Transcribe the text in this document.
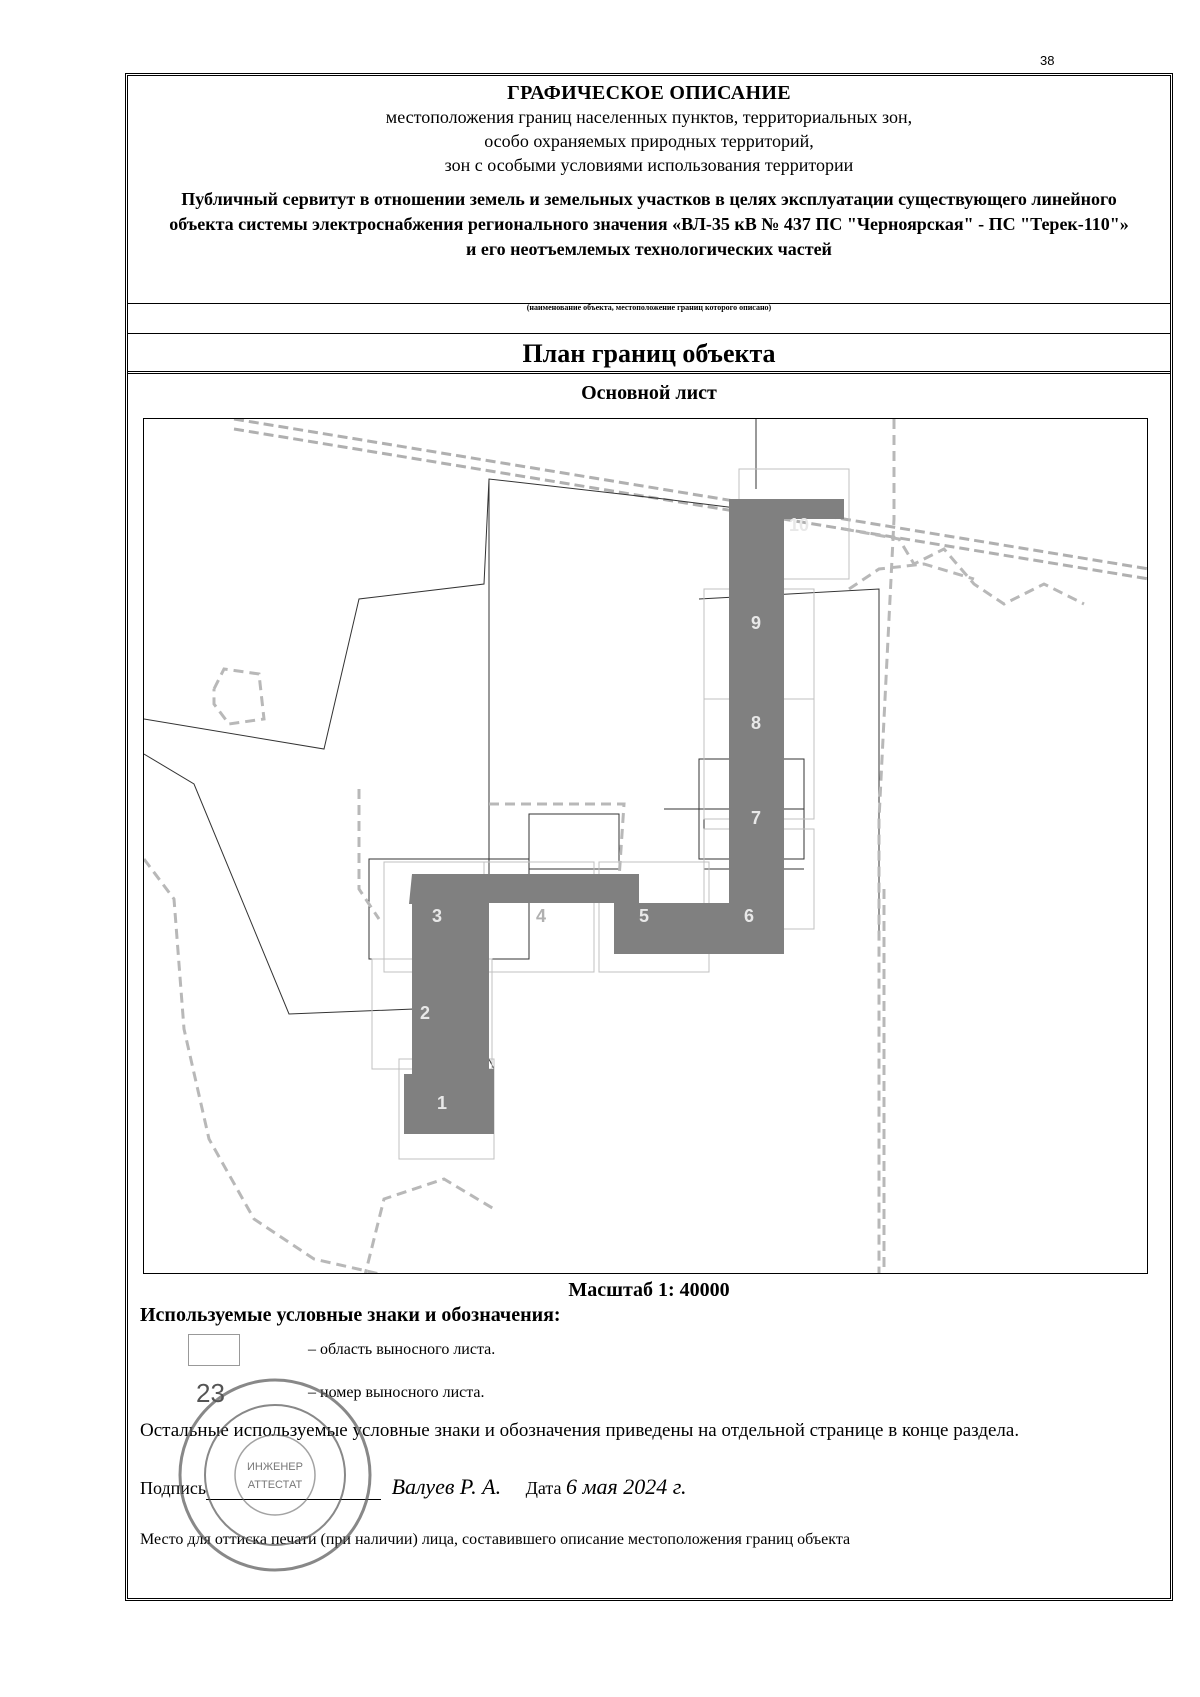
38
ГРАФИЧЕСКОЕ ОПИСАНИЕ
местоположения границ населенных пунктов, территориальных зон,
особо охраняемых природных территорий,
зон с особыми условиями использования территории
Публичный сервитут в отношении земель и земельных участков в целях эксплуатации существующего линейного объекта системы электроснабжения регионального значения «ВЛ-35 кВ № 437 ПС "Черноярская" - ПС "Терек-110"» и его неотъемлемых технологических частей
(наименование объекта, местоположение границ которого описано)
План границ объекта
Основной лист
1
2
3	4	5	6
7
8
9
10
Масштаб 1: 40000
Используемые условные знаки и обозначения:
– область выносного листа.
23	– номер выносного листа.
Остальные используемые условные знаки и обозначения приведены на отдельной странице в конце раздела.
Подпись	Валуев Р. А. Дата 6 мая 2024 г.
Место для оттиска печати (при наличии) лица, составившего описание местоположения границ объекта
ИНЖЕНЕР
АТТЕСТАТ
